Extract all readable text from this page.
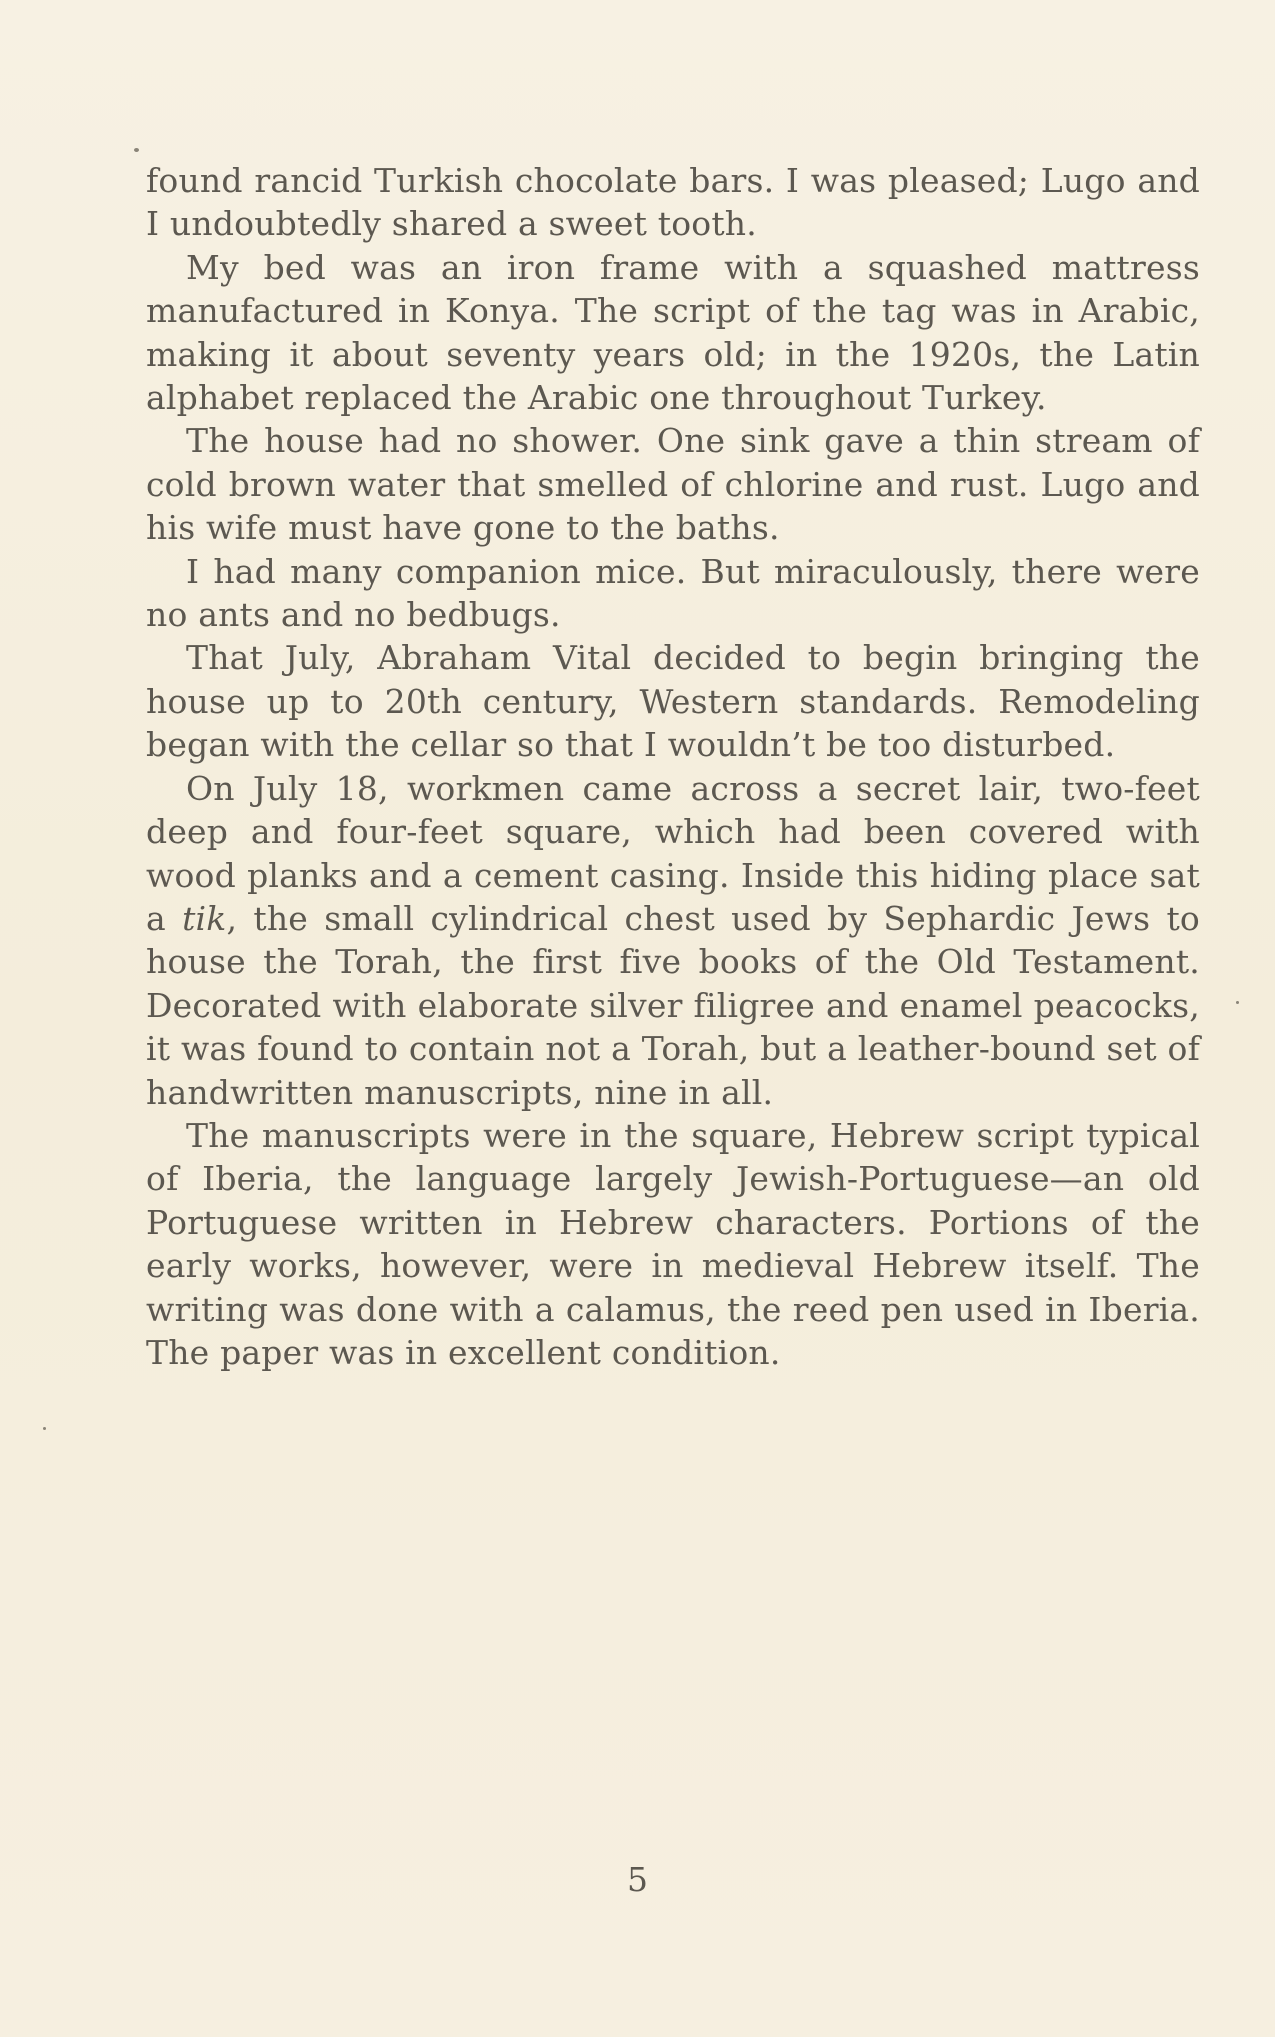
found rancid Turkish chocolate bars. I was pleased; Lugo and I undoubtedly shared a sweet tooth.

My bed was an iron frame with a squashed mattress manufactured in Konya. The script of the tag was in Arabic, making it about seventy years old; in the 1920s, the Latin alphabet replaced the Arabic one throughout Turkey.

The house had no shower. One sink gave a thin stream of cold brown water that smelled of chlorine and rust. Lugo and his wife must have gone to the baths.

I had many companion mice. But miraculously, there were no ants and no bedbugs.

That July, Abraham Vital decided to begin bringing the house up to 20th century, Western standards. Remodeling began with the cellar so that I wouldn’t be too disturbed.

On July 18, workmen came across a secret lair, two-feet deep and four-feet square, which had been covered with wood planks and a cement casing. Inside this hiding place sat a tik, the small cylindrical chest used by Sephardic Jews to house the Torah, the first five books of the Old Testament. Decorated with elaborate silver filigree and enamel peacocks, it was found to contain not a Torah, but a leather-bound set of handwritten manuscripts, nine in all.

The manuscripts were in the square, Hebrew script typical of Iberia, the language largely Jewish-Portuguese—an old Portuguese written in Hebrew characters. Portions of the early works, however, were in medieval Hebrew itself. The writing was done with a calamus, the reed pen used in Iberia. The paper was in excellent condition.

5
